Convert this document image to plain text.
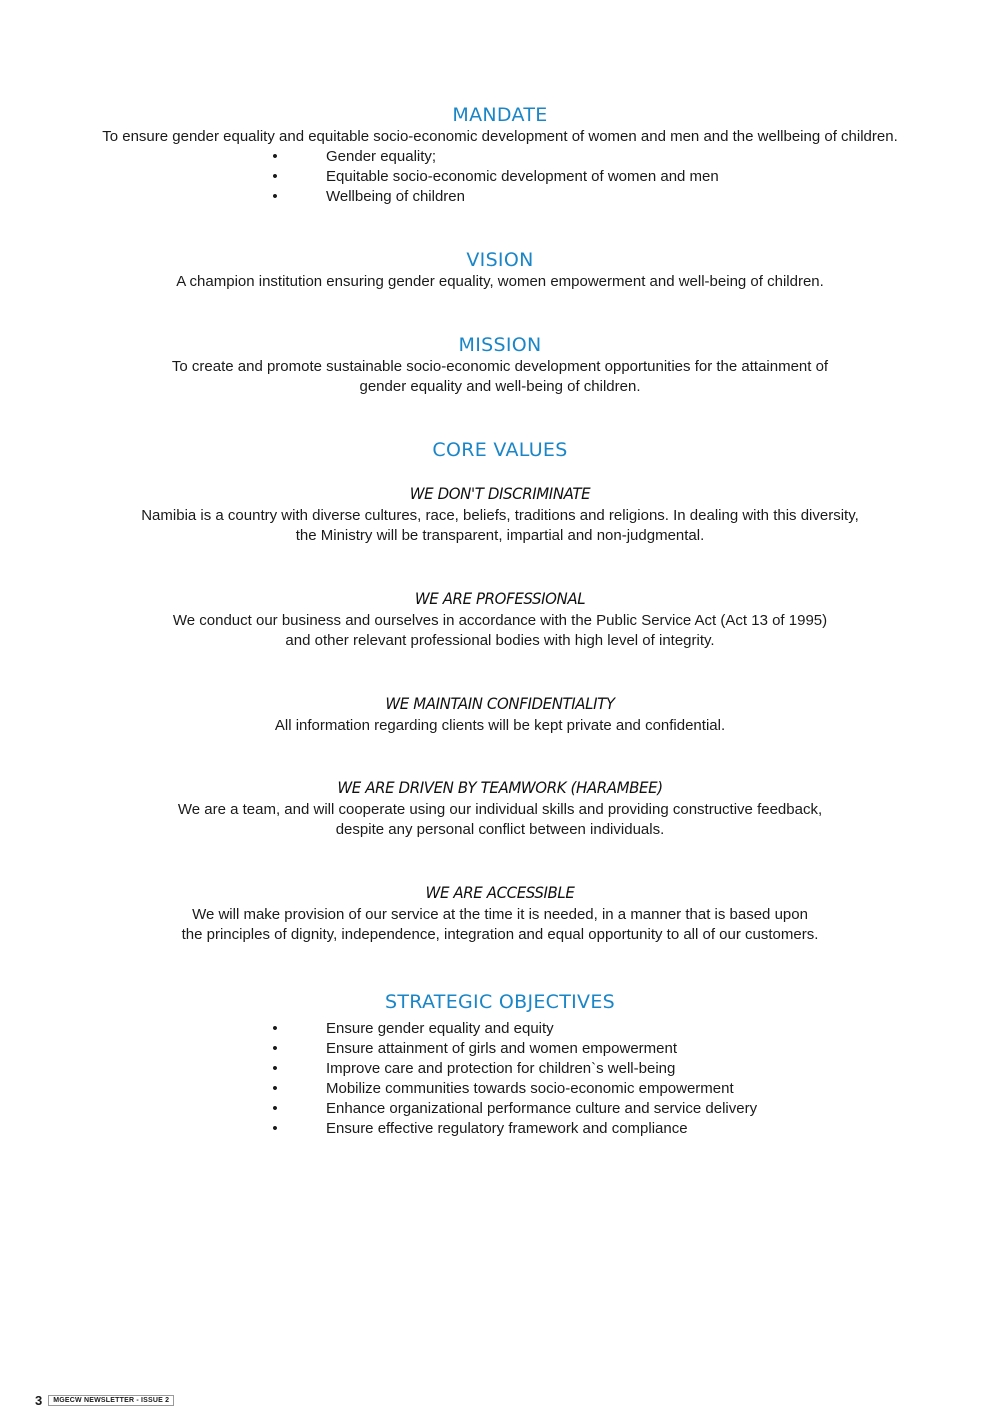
MANDATE

To ensure gender equality and equitable socio-economic development of women and men and the wellbeing of children.

•	Gender equality;
•	Equitable socio-economic development of women and men
•	Wellbeing of children
VISION

A champion institution ensuring gender equality, women empowerment and well-being of children.

MISSION

To create and promote sustainable socio-economic development opportunities for the attainment of
gender equality and well-being of children.

CORE VALUES
WE DON'T DISCRIMINATE

Namibia is a country with diverse cultures, race, beliefs, traditions and religions. In dealing with this diversity,
the Ministry will be transparent, impartial and non-judgmental.

WE ARE PROFESSIONAL

We conduct our business and ourselves in accordance with the Public Service Act (Act 13 of 1995)
and other relevant professional bodies with high level of integrity.

WE MAINTAIN CONFIDENTIALITY

All information regarding clients will be kept private and confidential.

WE ARE DRIVEN BY TEAMWORK (HARAMBEE)

We are a team, and will cooperate using our individual skills and providing constructive feedback,
despite any personal conflict between individuals.

WE ARE ACCESSIBLE

We will make provision of our service at the time it is needed, in a manner that is based upon
the principles of dignity, independence, integration and equal opportunity to all of our customers.

STRATEGIC OBJECTIVES
•	Ensure gender equality and equity
•	Ensure attainment of girls and women empowerment
•	Improve care and protection for children`s well-being
•	Mobilize communities towards socio-economic empowerment
•	Enhance organizational performance culture and service delivery
•	Ensure effective regulatory framework and compliance
3	MGECW NEWSLETTER - ISSUE 2
